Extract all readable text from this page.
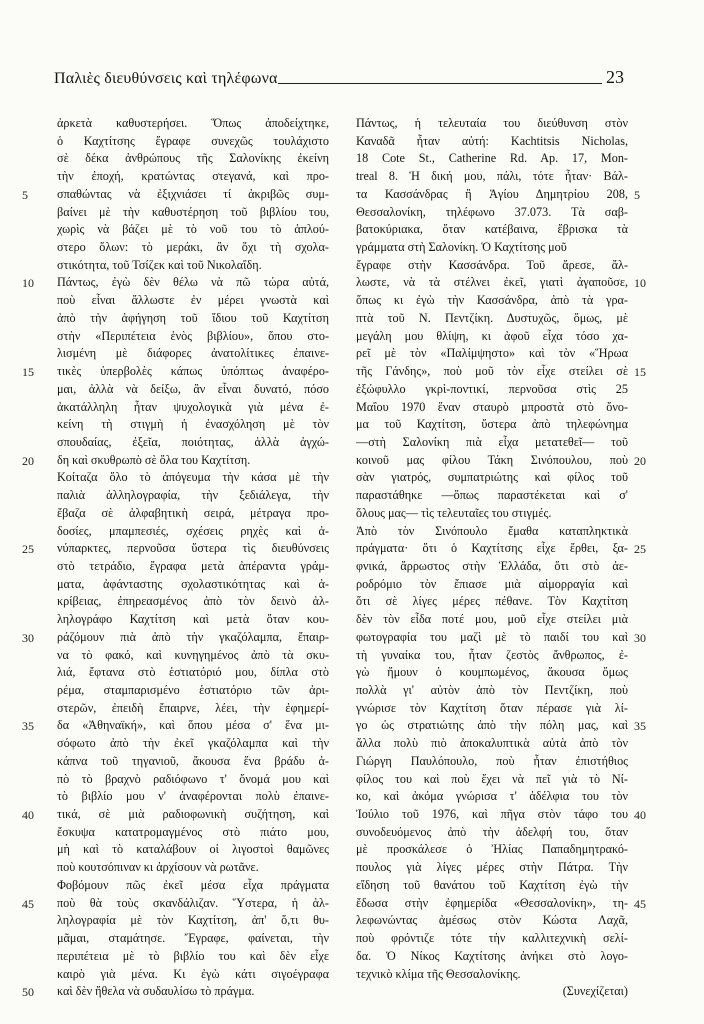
Παλιὲς διευθύνσεις καὶ τηλέφωνα	23
5
10
15
20
25
30
35
40
45
50
ἀρκετὰ καθυστερήσει. Ὅπως ἀποδείχτηκε,
ὁ Καχτίτσης ἔγραφε συνεχῶς τουλάχιστο
σὲ δέκα ἀνθρώπους τῆς Σαλονίκης ἐκείνη
τὴν ἐποχή, κρατώντας στεγανά, καὶ προ-
σπαθώντας νὰ ἐξιχνιάσει τί ἀκριβῶς συμ-
βαίνει μὲ τὴν καθυστέρηση τοῦ βιβλίου του,
χωρὶς νὰ βάζει μὲ τὸ νοῦ του τὸ ἁπλού-
στερο ὅλων: τὸ μεράκι, ἂν ὄχι τὴ σχολα-
στικότητα, τοῦ Τσίζεκ καὶ τοῦ Νικολαΐδη.
Πάντως, ἐγὼ δὲν θέλω νὰ πῶ τώρα αὐτά,
ποὺ εἶναι ἄλλωστε ἐν μέρει γνωστὰ καὶ
ἀπὸ τὴν ἀφήγηση τοῦ ἴδιου τοῦ Καχτίτση
στὴν «Περιπέτεια ἑνὸς βιβλίου», ὅπου στο-
λισμένη μὲ διάφορες ἀνατολίτικες ἐπαινε-
τικὲς ὑπερβολὲς κάπως ὑπόπτως ἀναφέρο-
μαι, ἀλλὰ νὰ δείξω, ἂν εἶναι δυνατό, πόσο
ἀκατάλληλη ἦταν ψυχολογικὰ γιὰ μένα ἐ-
κείνη τὴ στιγμὴ ἡ ἐνασχόληση μὲ τὸν
σπουδαίας, ἐξεῖα, ποιότητας, ἀλλὰ ἀγχώ-
δη καὶ σκυθρωπὸ σὲ ὅλα του Καχτίτση.
Κοίταζα ὅλο τὸ ἀπόγευμα τὴν κάσα μὲ τὴν
παλιὰ ἀλληλογραφία, τὴν ξεδιάλεγα, τὴν
ἔβαζα σὲ ἀλφαβητικὴ σειρά, μέτραγα προ-
δοσίες, μπαμπεσιές, σχέσεις ρηχὲς καὶ ἀ-
νύπαρκτες, περνοῦσα ὕστερα τὶς διευθύνσεις
στὸ τετράδιο, ἔγραφα μετὰ ἀπέραντα γράμ-
ματα, ἀφάνταστης σχολαστικότητας καὶ ἀ-
κρίβειας, ἐπηρεασμένος ἀπὸ τὸν δεινὸ ἀλ-
ληλογράφο Καχτίτση καὶ μετὰ ὅταν κου-
ράζόμουν πιὰ ἀπὸ τὴν γκαζόλαμπα, ἔπαιρ-
να τὸ φακό, καὶ κυνηγημένος ἀπὸ τὰ σκυ-
λιά, ἔφτανα στὸ ἑστιατόριό μου, δίπλα στὸ
ρέμα, σταμπαρισμένο ἑστιατόριο τῶν ἀρι-
στερῶν, ἐπειδὴ ἔπαιρνε, λέει, τὴν ἐφημερί-
δα «Ἀθηναϊκή», καὶ ὅπου μέσα σ' ἕνα μι-
σόφωτο ἀπὸ τὴν ἐκεῖ γκαζόλαμπα καὶ τὴν
κάπνα τοῦ τηγανιοῦ, ἄκουσα ἕνα βράδυ ἀ-
πὸ τὸ βραχνὸ ραδιόφωνο τ' ὄνομά μου καὶ
τὸ βιβλίο μου ν' ἀναφέρονται πολὺ ἐπαινε-
τικά, σὲ μιὰ ραδιοφωνικὴ συζήτηση, καὶ
ἔσκυψα κατατρομαγμένος στὸ πιάτο μου,
μὴ καὶ τὸ καταλάβουν οἱ λιγοστοὶ θαμῶνες
ποὺ κουτσόπιναν κι ἀρχίσουν νὰ ρωτᾶνε.
Φοβόμουν πῶς ἐκεῖ μέσα εἶχα πράγματα
ποὺ θὰ τοὺς σκανδάλιζαν. Ὕστερα, ἡ ἀλ-
ληλογραφία μὲ τὸν Καχτίτση, ἀπ' ὅ,τι θυ-
μᾶμαι, σταμάτησε. Ἔγραφε, φαίνεται, τὴν
περιπέτεια μὲ τὸ βιβλίο του καὶ δὲν εἶχε
καιρὸ γιὰ μένα. Κι ἐγὼ κάτι σιγοέγραφα
καὶ δὲν ἤθελα νὰ συδαυλίσω τὸ πράγμα.
Πάντως, ἡ τελευταία του διεύθυνση στὸν
Καναδᾶ ἦταν αὐτή: Kachtitsis Nicholas,
18 Cote St., Catherine Rd. Ap. 17, Mon-
treal 8. Ἡ δική μου, πάλι, τότε ἦταν· Βάλ-
τα Κασσάνδρας ἢ Ἁγίου Δημητρίου 208,
Θεσσαλονίκη, τηλέφωνο 37.073. Τὰ σαβ-
βατοκύριακα, ὅταν κατέβαινα, ἔβρισκα τὰ
γράμματα στὴ Σαλονίκη. Ὁ Καχτίτσης μοῦ
ἔγραφε στὴν Κασσάνδρα. Τοῦ ἄρεσε, ἄλ-
λωστε, νὰ τὰ στέλνει ἐκεῖ, γιατὶ ἀγαποῦσε,
ὅπως κι ἐγὼ τὴν Κασσάνδρα, ἀπὸ τὰ γρα-
πτὰ τοῦ Ν. Πεντζίκη. Δυστυχῶς, ὅμως, μὲ
μεγάλη μου θλίψη, κι ἀφοῦ εἶχα τόσο χα-
ρεῖ μὲ τὸν «Παλίμψηστο» καὶ τὸν «Ἥρωα
τῆς Γάνδης», ποὺ μοῦ τὸν εἶχε στείλει σὲ
ἐξώφυλλο γκρὶ-ποντικί, περνοῦσα στὶς 25
Μαΐου 1970 ἕναν σταυρὸ μπροστὰ στὸ ὄνο-
μα τοῦ Καχτίτση, ὕστερα ἀπὸ τηλεφώνημα
—στὴ Σαλονίκη πιὰ εἶχα μετατεθεῖ— τοῦ
κοινοῦ μας φίλου Τάκη Σινόπουλου, ποὺ
σὰν γιατρός, συμπατριώτης καὶ φίλος τοῦ
παραστάθηκε —ὅπως παραστέκεται καὶ σ'
ὅλους μας— τὶς τελευταῖες του στιγμές.
Ἀπὸ τὸν Σινόπουλο ἔμαθα καταπληκτικὰ
πράγματα· ὅτι ὁ Καχτίτσης εἶχε ἔρθει, ξα-
φνικά, ἄρρωστος στὴν Ἑλλάδα, ὅτι στὸ ἀε-
ροδρόμιο τὸν ἔπιασε μιὰ αἱμορραγία καὶ
ὅτι σὲ λίγες μέρες πέθανε. Τὸν Καχτίτση
δὲν τὸν εἶδα ποτέ μου, μοῦ εἶχε στείλει μιὰ
φωτογραφία του μαζὶ μὲ τὸ παιδί του καὶ
τὴ γυναίκα του, ἦταν ζεστὸς ἄνθρωπος, ἐ-
γὼ ἤμουν ὁ κουμπωμένος, ἄκουσα ὅμως
πολλὰ γι' αὐτὸν ἀπὸ τὸν Πεντζίκη, ποὺ
γνώρισε τὸν Καχτίτση ὅταν πέρασε γιὰ λί-
γο ὡς στρατιώτης ἀπὸ τὴν πόλη μας, καὶ
ἄλλα πολὺ πιὸ ἀποκαλυπτικὰ αὐτὰ ἀπὸ τὸν
Γιώργη Παυλόπουλο, ποὺ ἦταν ἐπιστήθιος
φίλος του καὶ ποὺ ἔχει νὰ πεῖ γιὰ τὸ Νί-
κο, καὶ ἀκόμα γνώρισα τ' ἀδέλφια του τὸν
Ἰούλιο τοῦ 1976, καὶ πῆγα στὸν τάφο του
συνοδευόμενος ἀπὸ τὴν ἀδελφή του, ὅταν
μὲ προσκάλεσε ὁ Ἠλίας Παπαδημητρακό-
πουλος γιὰ λίγες μέρες στὴν Πάτρα. Τὴν
εἴδηση τοῦ θανάτου τοῦ Καχτίτση ἐγὼ τὴν
ἔδωσα στὴν ἐφημερίδα «Θεσσαλονίκη», τη-
λεφωνώντας ἀμέσως στὸν Κώστα Λαχᾶ,
ποὺ φρόντιζε τότε τὴν καλλιτεχνικὴ σελί-
δα. Ὁ Νίκος Καχτίτσης ἀνήκει στὸ λογο-
τεχνικὸ κλίμα τῆς Θεσσαλονίκης.
(Συνεχίζεται)
5
10
15
20
25
30
35
40
45
